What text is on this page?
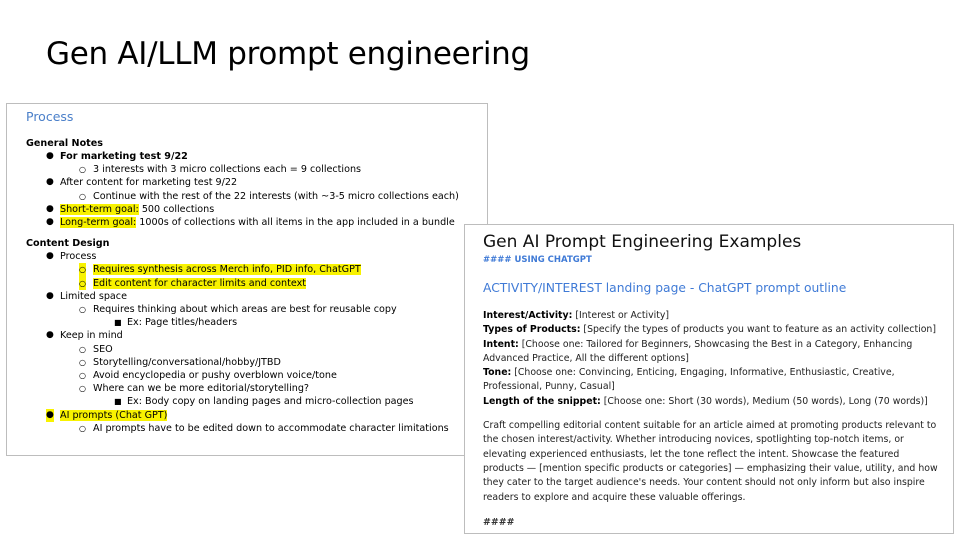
Gen AI/LLM prompt engineering
Process
General Notes
● For marketing test 9/22
○ 3 interests with 3 micro collections each = 9 collections
● After content for marketing test 9/22
○ Continue with the rest of the 22 interests (with ~3-5 micro collections each)
● Short-term goal: 500 collections
● Long-term goal: 1000s of collections with all items in the app included in a bundle
Content Design
● Process
○ Requires synthesis across Merch info, PID info, ChatGPT
○ Edit content for character limits and context
● Limited space
○ Requires thinking about which areas are best for reusable copy
■ Ex: Page titles/headers
● Keep in mind
○ SEO
○ Storytelling/conversational/hobby/JTBD
○ Avoid encyclopedia or pushy overblown voice/tone
○ Where can we be more editorial/storytelling?
■ Ex: Body copy on landing pages and micro-collection pages
● AI prompts (Chat GPT)
○ AI prompts have to be edited down to accommodate character limitations
Gen AI Prompt Engineering Examples
#### USING CHATGPT
ACTIVITY/INTEREST landing page - ChatGPT prompt outline

Interest/Activity: [Interest or Activity]

Types of Products: [Specify the types of products you want to feature as an activity collection]

Intent: [Choose one: Tailored for Beginners, Showcasing the Best in a Category, Enhancing Advanced Practice, All the different options]

Tone: [Choose one: Convincing, Enticing, Engaging, Informative, Enthusiastic, Creative, Professional, Punny, Casual]

Length of the snippet: [Choose one: Short (30 words), Medium (50 words), Long (70 words)]

Craft compelling editorial content suitable for an article aimed at promoting products relevant to the chosen interest/activity. Whether introducing novices, spotlighting top-notch items, or elevating experienced enthusiasts, let the tone reflect the intent. Showcase the featured products — [mention specific products or categories] — emphasizing their value, utility, and how they cater to the target audience's needs. Your content should not only inform but also inspire readers to explore and acquire these valuable offerings.

####
